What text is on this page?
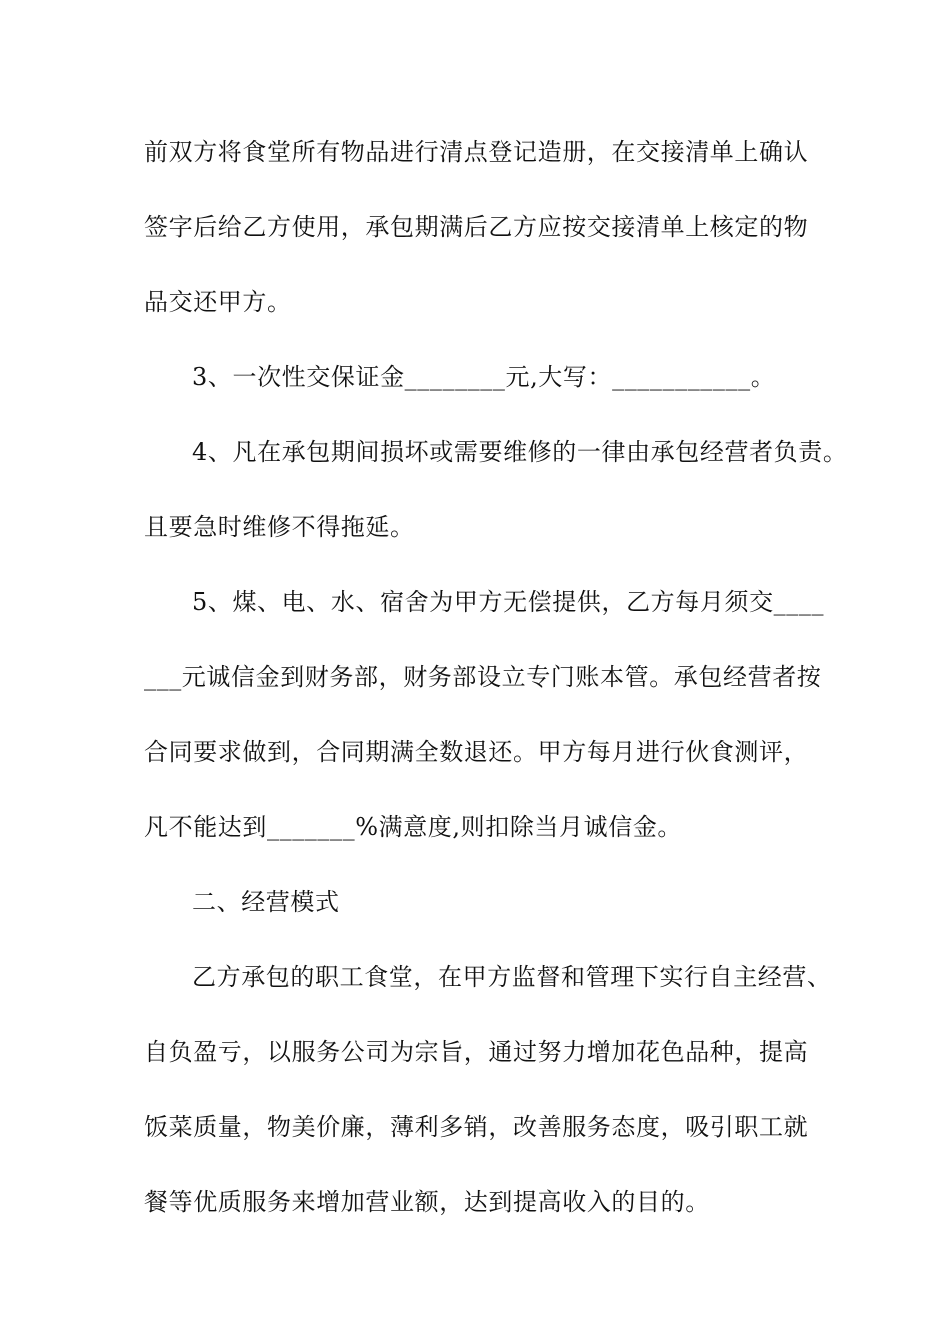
前双方将食堂所有物品进行清点登记造册，在交接清单上确认
签字后给乙方使用，承包期满后乙方应按交接清单上核定的物
品交还甲方。
3、一次性交保证金________元,大写：___________。
4、凡在承包期间损坏或需要维修的一律由承包经营者负责。
且要急时维修不得拖延。
5、煤、电、水、宿舍为甲方无偿提供，乙方每月须交____
___元诚信金到财务部，财务部设立专门账本管。承包经营者按
合同要求做到，合同期满全数退还。甲方每月进行伙食测评，
凡不能达到_______%满意度,则扣除当月诚信金。
二、经营模式
乙方承包的职工食堂，在甲方监督和管理下实行自主经营、
自负盈亏，以服务公司为宗旨，通过努力增加花色品种，提高
饭菜质量，物美价廉，薄利多销，改善服务态度，吸引职工就
餐等优质服务来增加营业额，达到提高收入的目的。
